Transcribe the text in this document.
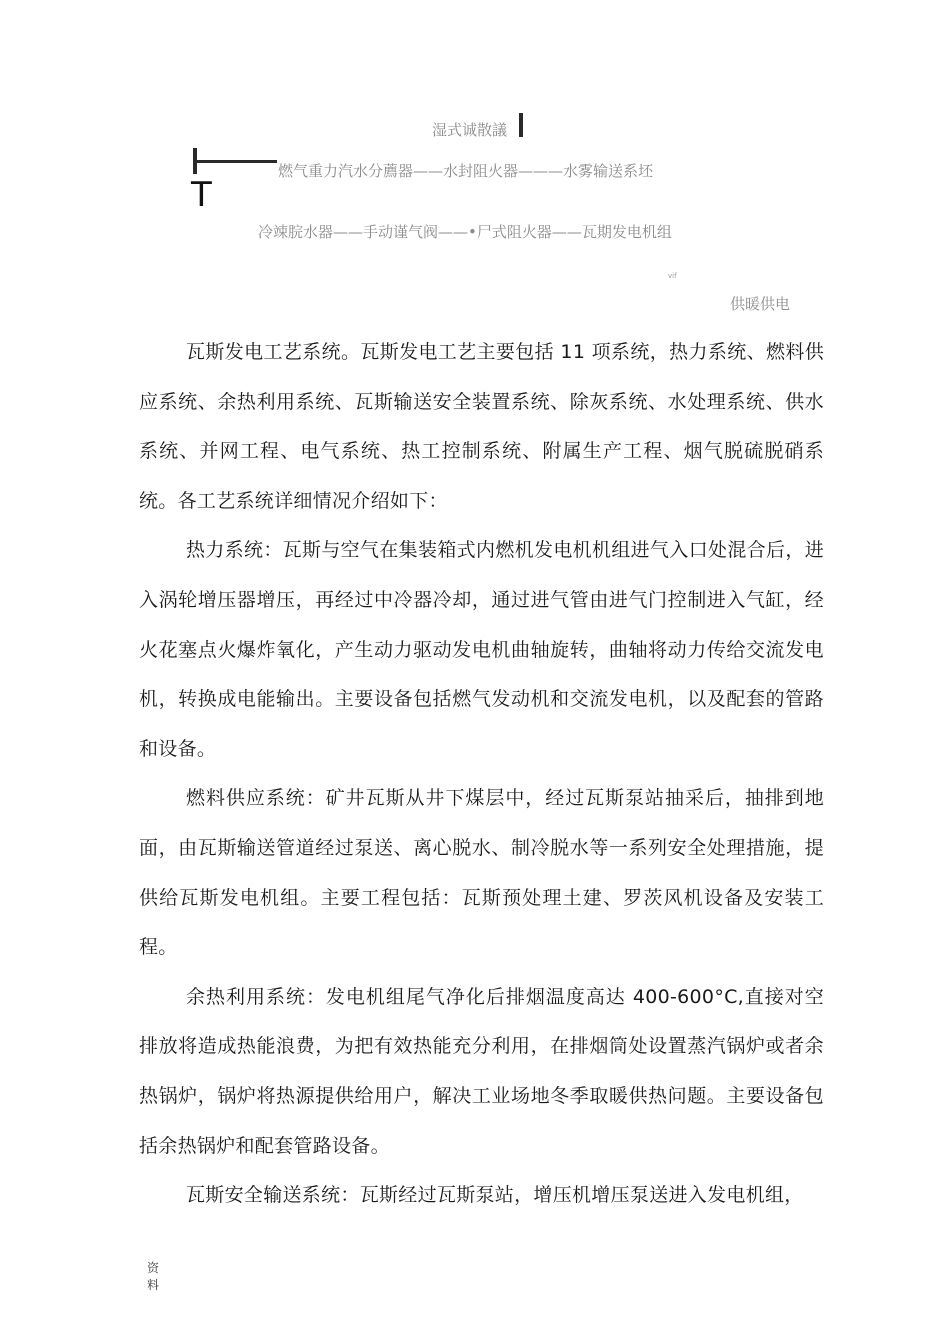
湿式诚散議
T
燃气重力汽水分薦器——水封阻火器———水雾输送系坯
冷竦脘水器——手动谨气阀——•尸式阻火器——瓦期发电机组
vif
供暖供电

瓦斯发电工艺系统。瓦斯发电工艺主要包括 11 项系统，热力系统、燃料供应系统、余热利用系统、瓦斯输送安全装置系统、除灰系统、水处理系统、供水系统、并网工程、电气系统、热工控制系统、附属生产工程、烟气脱硫脱硝系统。各工艺系统详细情况介绍如下：

热力系统：瓦斯与空气在集装箱式内燃机发电机机组进气入口处混合后，进入涡轮增压器增压，再经过中冷器冷却，通过进气管由进气门控制进入气缸，经火花塞点火爆炸氧化，产生动力驱动发电机曲轴旋转，曲轴将动力传给交流发电机，转换成电能输出。主要设备包括燃气发动机和交流发电机，以及配套的管路和设备。

燃料供应系统：矿井瓦斯从井下煤层中，经过瓦斯泵站抽采后，抽排到地面，由瓦斯输送管道经过泵送、离心脱水、制冷脱水等一系列安全处理措施，提供给瓦斯发电机组。主要工程包括：瓦斯预处理土建、罗茨风机设备及安装工程。

余热利用系统：发电机组尾气净化后排烟温度高达 400-600°C,直接对空排放将造成热能浪费，为把有效热能充分利用，在排烟筒处设置蒸汽锅炉或者余热锅炉，锅炉将热源提供给用户，解决工业场地冬季取暖供热问题。主要设备包括余热锅炉和配套管路设备。

瓦斯安全输送系统：瓦斯经过瓦斯泵站，增压机增压泵送进入发电机组，

资料
